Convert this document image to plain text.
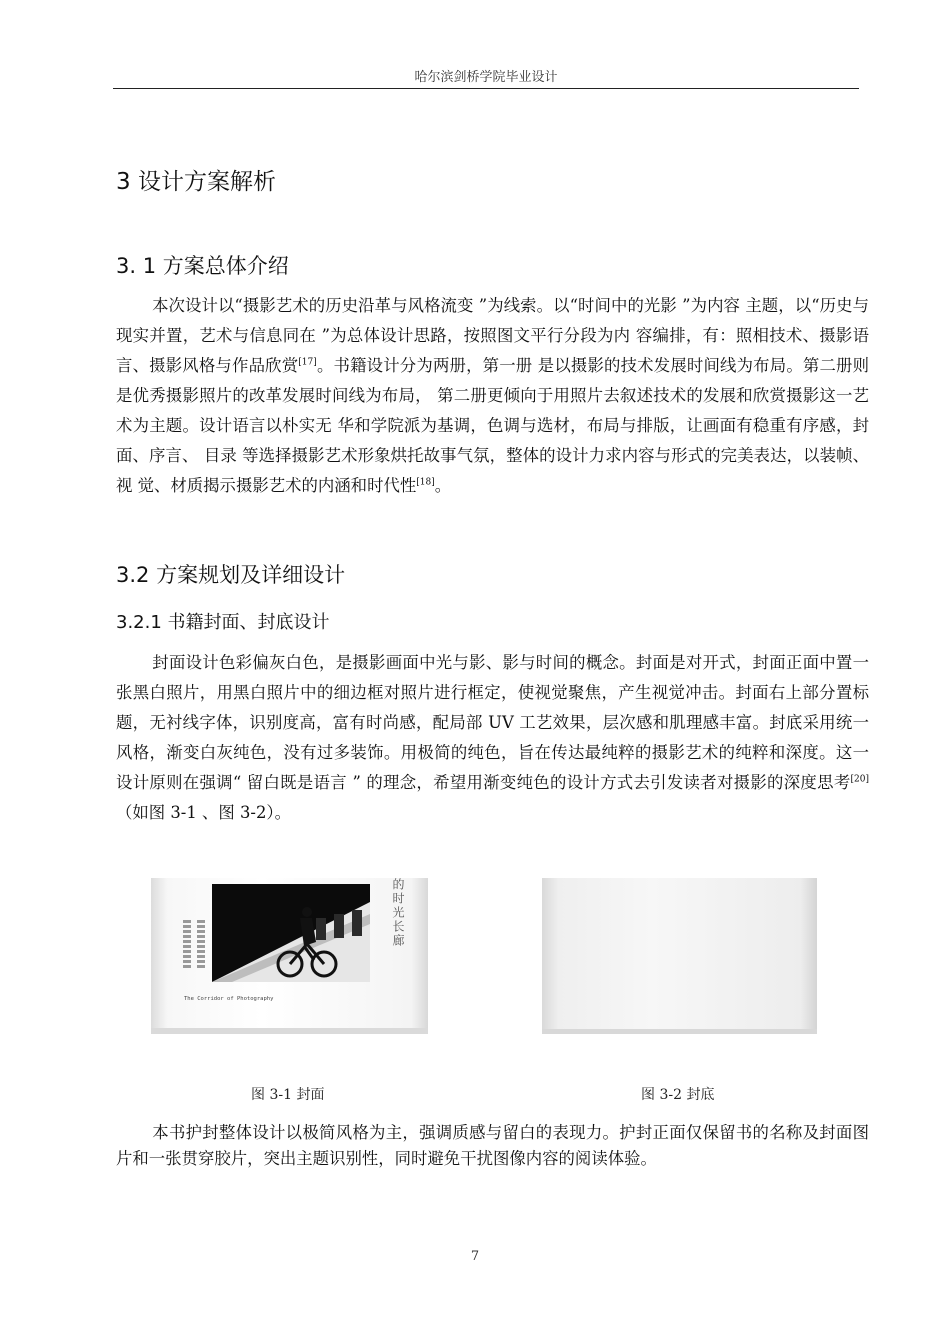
哈尔滨剑桥学院毕业设计
3 设计方案解析
3. 1 方案总体介绍

本次设计以“摄影艺术的历史沿革与风格流变 ”为线索。以“时间中的光影 ”为内容 主题，以“历史与现实并置，艺术与信息同在 ”为总体设计思路，按照图文平行分段为内 容编排，有：照相技术、摄影语言、摄影风格与作品欣赏[17]。书籍设计分为两册，第一册 是以摄影的技术发展时间线为布局。第二册则是优秀摄影照片的改革发展时间线为布局， 第二册更倾向于用照片去叙述技术的发展和欣赏摄影这一艺术为主题。设计语言以朴实无 华和学院派为基调，色调与选材，布局与排版，让画面有稳重有序感，封面、序言、 目录 等选择摄影艺术形象烘托故事气氛，整体的设计力求内容与形式的完美表达，以装帧、视 觉、材质揭示摄影艺术的内涵和时代性[18]。

3.2 方案规划及详细设计
3.2.1 书籍封面、封底设计

封面设计色彩偏灰白色，是摄影画面中光与影、影与时间的概念。封面是对开式，封面正面中置一张黑白照片，用黑白照片中的细边框对照片进行框定，使视觉聚焦，产生视觉冲击。封面右上部分置标题，无衬线字体，识别度高，富有时尚感，配局部 UV 工艺效果，层次感和肌理感丰富。封底采用统一风格，渐变白灰纯色，没有过多装饰。用极简的纯色，旨在传达最纯粹的摄影艺术的纯粹和深度。这一设计原则在强调“ 留白既是语言 ” 的理念，希望用渐变纯色的设计方式去引发读者对摄影的深度思考[20]（如图 3-1 、图 3-2）。

的时光长廊
The Corridor of Photography
图 3-1 封面	图 3-2 封底

本书护封整体设计以极简风格为主，强调质感与留白的表现力。护封正面仅保留书的名称及封面图片和一张贯穿胶片，突出主题识别性，同时避免干扰图像内容的阅读体验。

7
